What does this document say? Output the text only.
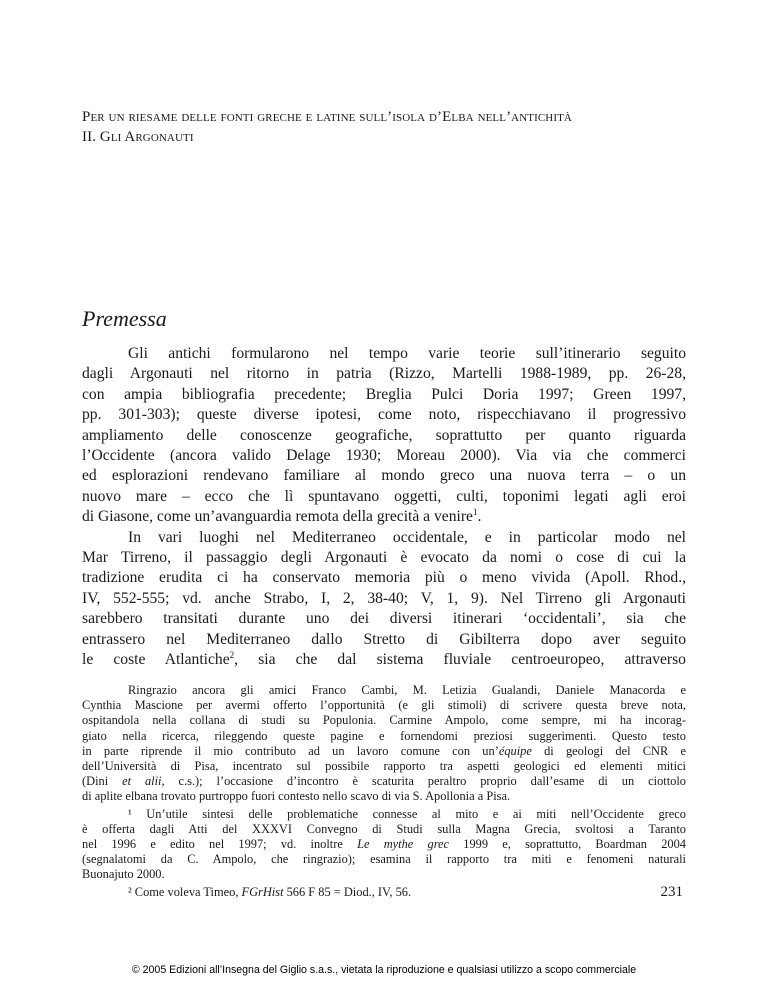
Per un riesame delle fonti greche e latine sull’isola d’Elba nell’antichità
II. Gli Argonauti
Premessa
Gli antichi formularono nel tempo varie teorie sull’itinerario seguito
dagli Argonauti nel ritorno in patria (Rizzo, Martelli 1988-1989, pp. 26-28,
con ampia bibliografia precedente; Breglia Pulci Doria 1997; Green 1997,
pp. 301-303); queste diverse ipotesi, come noto, rispecchiavano il progressivo
ampliamento delle conoscenze geografiche, soprattutto per quanto riguarda
l’Occidente (ancora valido Delage 1930; Moreau 2000). Via via che commerci
ed esplorazioni rendevano familiare al mondo greco una nuova terra – o un
nuovo mare – ecco che lì spuntavano oggetti, culti, toponimi legati agli eroi
di Giasone, come un’avanguardia remota della grecità a venire$^1$.
In vari luoghi nel Mediterraneo occidentale, e in particolar modo nel
Mar Tirreno, il passaggio degli Argonauti è evocato da nomi o cose di cui la
tradizione erudita ci ha conservato memoria più o meno vivida (Apoll. Rhod.,
IV, 552-555; vd. anche Strabo, I, 2, 38-40; V, 1, 9). Nel Tirreno gli Argonauti
sarebbero transitati durante uno dei diversi itinerari ‘occidentali’, sia che
entrassero nel Mediterraneo dallo Stretto di Gibilterra dopo aver seguito
le coste Atlantiche$^2$, sia che dal sistema fluviale centroeuropeo, attraverso
Ringrazio ancora gli amici Franco Cambi, M. Letizia Gualandi, Daniele Manacorda e
Cynthia Mascione per avermi offerto l’opportunità (e gli stimoli) di scrivere questa breve nota,
ospitandola nella collana di studi su Populonia. Carmine Ampolo, come sempre, mi ha incorag-
giato nella ricerca, rileggendo queste pagine e fornendomi preziosi suggerimenti. Questo testo
in parte riprende il mio contributo ad un lavoro comune con un’équipe di geologi del CNR e
dell’Università di Pisa, incentrato sul possibile rapporto tra aspetti geologici ed elementi mitici
(Dini et alii, c.s.); l’occasione d’incontro è scaturita peraltro proprio dall’esame di un ciottolo
di aplite elbana trovato purtroppo fuori contesto nello scavo di via S. Apollonia a Pisa.
¹ Un’utile sintesi delle problematiche connesse al mito e ai miti nell’Occidente greco
è offerta dagli Atti del XXXVI Convegno di Studi sulla Magna Grecia, svoltosi a Taranto
nel 1996 e edito nel 1997; vd. inoltre Le mythe grec 1999 e, soprattutto, Boardman 2004
(segnalatomi da C. Ampolo, che ringrazio); esamina il rapporto tra miti e fenomeni naturali
Buonajuto 2000.
² Come voleva Timeo, FGrHist 566 F 85 = Diod., IV, 56.	231
© 2005 Edizioni all’Insegna del Giglio s.a.s., vietata la riproduzione e qualsiasi utilizzo a scopo commerciale
